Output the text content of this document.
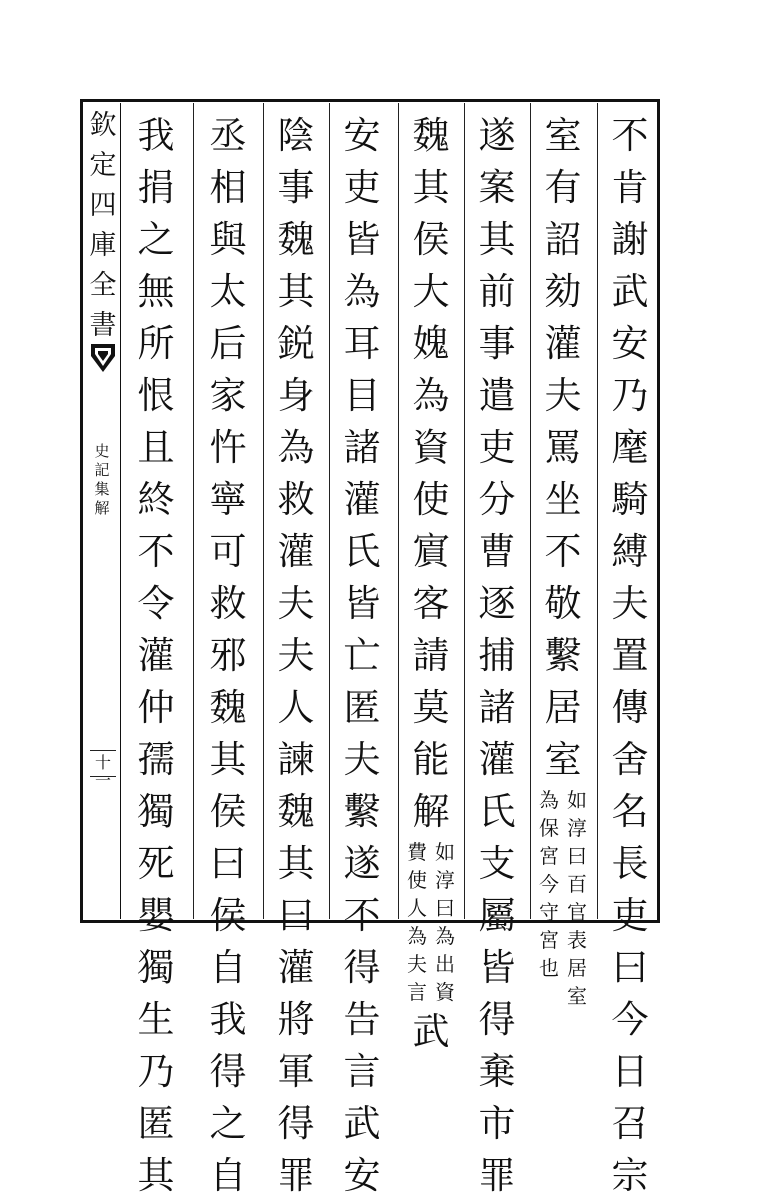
欽
定
四
庫
全
書
史
記
集
解
十一
不
肯
謝
武
安
乃
麾
騎
縛
夫
置
傳
舍
名
長
吏
曰
今
日
召
宗
室
有
詔
劾
灌
夫
罵
坐
不
敬
繫
居
室
如
淳
曰
百
官
表
居
室
為
保
宮
今
守
宮
也
遂
案
其
前
事
遣
吏
分
曹
逐
捕
諸
灌
氏
支
屬
皆
得
棄
市
罪
魏
其
侯
大
媿
為
資
使
賔
客
請
莫
能
解
如
淳
曰
為
出
資
費
使
人
為
夫
言
武
安
吏
皆
為
耳
目
諸
灌
氏
皆
亡
匿
夫
繫
遂
不
得
告
言
武
安
陰
事
魏
其
鋭
身
為
救
灌
夫
夫
人
諫
魏
其
曰
灌
將
軍
得
罪
丞
相
與
太
后
家
忤
寧
可
救
邪
魏
其
侯
曰
侯
自
我
得
之
自
我
捐
之
無
所
恨
且
終
不
令
灌
仲
孺
獨
死
嬰
獨
生
乃
匿
其
